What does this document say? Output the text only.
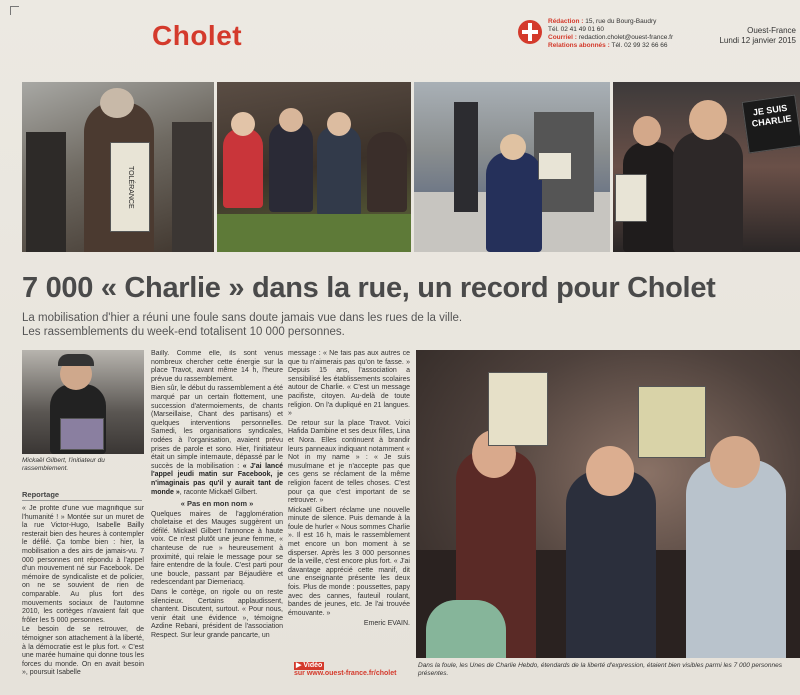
Cholet	Rédaction : 15, rue du Bourg-Baudry
Tél. 02 41 49 01 60
Courriel : redaction.cholet@ouest-france.fr
Relations abonnés : Tél. 02 99 32 66 66
Ouest-France
Lundi 12 janvier 2015
TOLÉRANCE
JE SUIS CHARLIE
7 000 « Charlie » dans la rue, un record pour Cholet
La mobilisation d'hier a réuni une foule sans doute jamais vue dans les rues de la ville.
Les rassemblements du week-end totalisent 10 000 personnes.
Mickaël Gilbert, l'initiateur du rassemblement.
Reportage

« Je profite d'une vue magnifique sur l'humanité ! » Montée sur un muret de la rue Victor-Hugo, Isabelle Bailly resterait bien des heures à contempler le défilé. Ça tombe bien : hier, la mobilisation a des airs de jamais-vu. 7 000 personnes ont répondu à l'appel d'un mouvement né sur Facebook. De mémoire de syndicaliste et de policier, on ne se souvient de rien de comparable. Au plus fort des mouvements sociaux de l'automne 2010, les cortèges n'avaient fait que frôler les 5 000 personnes.

Le besoin de se retrouver, de témoigner son attachement à la liberté, à la démocratie est le plus fort. « C'est une marée humaine qui donne tous les forces du monde. On en avait besoin », poursuit Isabelle

Bailly. Comme elle, ils sont venus nombreux chercher cette énergie sur la place Travot, avant même 14 h, l'heure prévue du rassemblement.

Bien sûr, le début du rassemblement a été marqué par un certain flottement, une succession d'atermoiements, de chants (Marseillaise, Chant des partisans) et quelques interventions personnelles. Samedi, les organisations syndicales, rodées à l'organisation, avaient prévu prises de parole et sono. Hier, l'initiateur était un simple internaute, dépassé par le succès de la mobilisation : « J'ai lancé l'appel jeudi matin sur Facebook, je n'imaginais pas qu'il y aurait tant de monde », raconte Mickaël Gilbert.

« Pas en mon nom »

Quelques maires de l'agglomération choletaise et des Mauges suggèrent un défilé. Mickaël Gilbert l'annonce à haute voix. Ce n'est plutôt une jeune femme, « chanteuse de rue » heureusement à proximité, qui relaie le message pour se faire entendre de la foule. C'est parti pour une boucle, passant par Béjaudière et redescendant par Diemeriacq.

Dans le cortège, on rigole ou on reste silencieux. Certains applaudissent, chantent. Discutent, surtout. « Pour nous, venir était une évidence », témoigne Azdine Rebani, président de l'association Respect. Sur leur grande pancarte, un

message : « Ne fais pas aux autres ce que tu n'aimerais pas qu'on te fasse. » Depuis 15 ans, l'association a sensibilisé les établissements scolaires autour de Charlie. « C'est un message pacifiste, citoyen. Au-delà de toute religion. On l'a dupliqué en 21 langues. »

De retour sur la place Travot. Voici Hafida Dambine et ses deux filles, Lina et Nora. Elles continuent à brandir leurs panneaux indiquant notamment « Not in my name » : « Je suis musulmane et je n'accepte pas que ces gens se réclament de la même religion facent de telles choses. C'est pour ça que c'est important de se retrouver. »

Mickaël Gilbert réclame une nouvelle minute de silence. Puis demande à la foule de hurler « Nous sommes Charlie ». Il est 16 h, mais le rassemblement met encore un bon moment à se disperser. Après les 3 000 personnes de la veille, c'est encore plus fort. « J'ai davantage apprécié cette manif, dit une enseignante présente les deux fois. Plus de monde : poussettes, papy avec des cannes, fauteuil roulant, bandes de jeunes, etc. Je l'ai trouvée émouvante. »

Emeric EVAIN.
▶ Vidéo
sur www.ouest-france.fr/cholet
Dans la foule, les Unes de Charlie Hebdo, étendards de la liberté d'expression, étaient bien visibles parmi les 7 000 personnes présentes.
